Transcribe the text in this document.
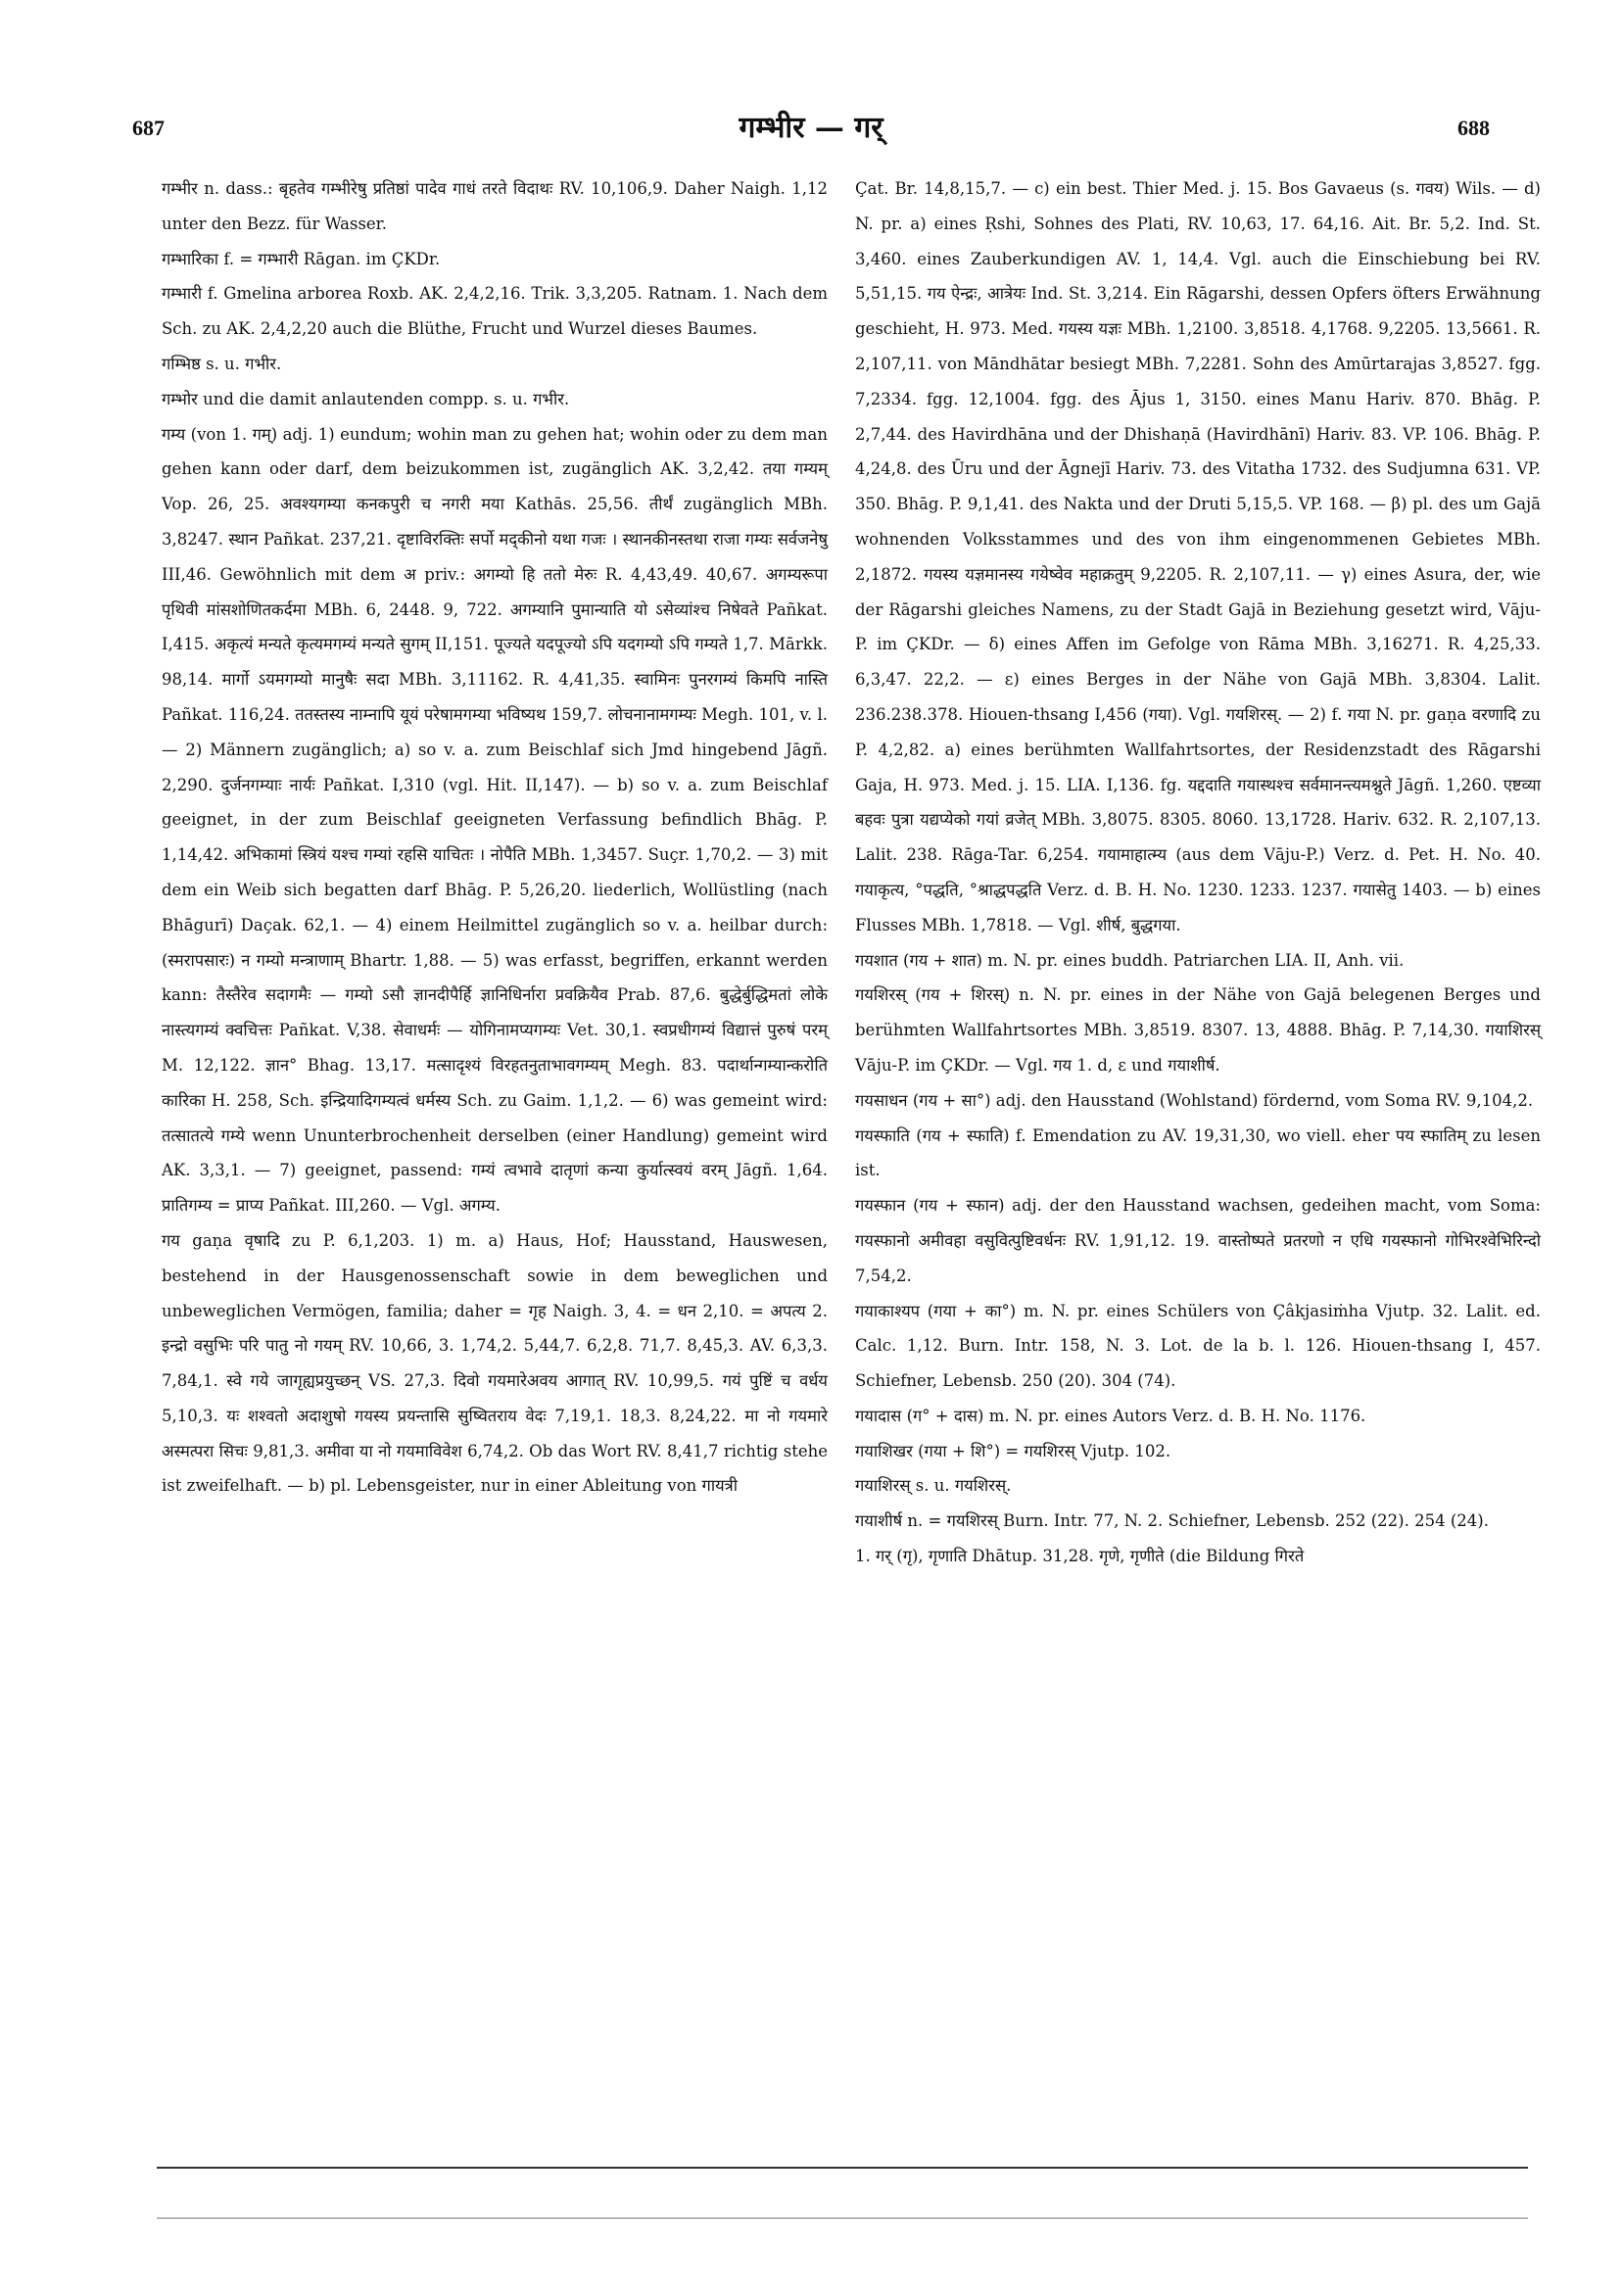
687	गम्भीर — गर्	688
गम्भीर n. dass.: बृहतेव गम्भीरेषु प्रतिष्ठां पादेव गाधं तरते विदाथः RV. 10,106,9. Daher Naigh. 1,12 unter den Bezz. für Wasser.
गम्भारिका f. = गम्भारी Rāgan. im ÇKDr.
गम्भारी f. Gmelina arborea Roxb. AK. 2,4,2,16. Trik. 3,3,205. Ratnam. 1. Nach dem Sch. zu AK. 2,4,2,20 auch die Blüthe, Frucht und Wurzel dieses Baumes.
गम्भिष्ठ s. u. गभीर.
गम्भोर und die damit anlautenden compp. s. u. गभीर.
गम्य (von 1. गम्) adj. 1) eundum; wohin man zu gehen hat; wohin oder zu dem man gehen kann oder darf, dem beizukommen ist, zugänglich AK. 3,2,42. तया गम्यम् Vop. 26, 25. अवश्यगम्या कनकपुरी च नगरी मया Kathās. 25,56. तीर्थं zugänglich MBh. 3,8247. स्थान Pañkat. 237,21. दृष्टाविरक्तिः सर्पो मद्कीनो यथा गजः । स्थानकीनस्तथा राजा गम्यः सर्वजनेषु III,46. Gewöhnlich mit dem अ priv.: अगम्यो हि ततो मेरुः R. 4,43,49. 40,67. अगम्यरूपा पृथिवी मांसशोणितकर्दमा MBh. 6, 2448. 9, 722. अगम्यानि पुमान्याति यो ऽसेव्यांश्च निषेवते Pañkat. I,415. अकृत्यं मन्यते कृत्यमगम्यं मन्यते सुगम् II,151. पूज्यते यदपूज्यो ऽपि यदगम्यो ऽपि गम्यते 1,7. Mārkk. 98,14. मार्गो ऽयमगम्यो मानुषैः सदा MBh. 3,11162. R. 4,41,35. स्वामिनः पुनरगम्यं किमपि नास्ति Pañkat. 116,24. ततस्तस्य नाम्नापि यूयं परेषामगम्या भविष्यथ 159,7. लोचनानामगम्यः Megh. 101, v. l. — 2) Männern zugänglich; a) so v. a. zum Beischlaf sich Jmd hingebend Jāgñ. 2,290. दुर्जनगम्याः नार्यः Pañkat. I,310 (vgl. Hit. II,147). — b) so v. a. zum Beischlaf geeignet, in der zum Beischlaf geeigneten Verfassung befindlich Bhāg. P. 1,14,42. अभिकामां स्त्रियं यश्च गम्यां रहसि याचितः । नोपैति MBh. 1,3457. Suçr. 1,70,2. — 3) mit dem ein Weib sich begatten darf Bhāg. P. 5,26,20. liederlich, Wollüstling (nach Bhāgurī) Daçak. 62,1. — 4) einem Heilmittel zugänglich so v. a. heilbar durch: (स्मरापसारः) न गम्यो मन्त्राणाम् Bhartr. 1,88. — 5) was erfasst, begriffen, erkannt werden kann: तैस्तैरेव सदागमैः — गम्यो ऽसौ ज्ञानदीपैर्हि ज्ञानिधिर्नारा प्रवक्रियैव Prab. 87,6. बुद्धेर्बुद्धिमतां लोके नास्त्यगम्यं क्वचित्तः Pañkat. V,38. सेवाधर्मः — योगिनामप्यगम्यः Vet. 30,1. स्वप्रधीगम्यं विद्यात्तं पुरुषं परम् M. 12,122. ज्ञान° Bhag. 13,17. मत्सादृश्यं विरहतनुताभावगम्यम् Megh. 83. पदार्थान्गम्यान्करोति कारिका H. 258, Sch. इन्द्रियादिगम्यत्वं धर्मस्य Sch. zu Gaim. 1,1,2. — 6) was gemeint wird: तत्सातत्ये गम्ये wenn Ununterbrochenheit derselben (einer Handlung) gemeint wird AK. 3,3,1. — 7) geeignet, passend: गम्यं त्वभावे दातृणां कन्या कुर्यात्स्वयं वरम् Jāgñ. 1,64. प्रातिगम्य = प्राप्य Pañkat. III,260. — Vgl. अगम्य.
गय gaṇa वृषादि zu P. 6,1,203. 1) m. a) Haus, Hof; Hausstand, Hauswesen, bestehend in der Hausgenossenschaft sowie in dem beweglichen und unbeweglichen Vermögen, familia; daher = गृह Naigh. 3, 4. = धन 2,10. = अपत्य 2. इन्द्रो वसुभिः परि पातु नो गयम् RV. 10,66, 3. 1,74,2. 5,44,7. 6,2,8. 71,7. 8,45,3. AV. 6,3,3. 7,84,1. स्वे गये जागृह्यप्रयुच्छन् VS. 27,3. दिवो गयमारेअवय आगात् RV. 10,99,5. गयं पुष्टिं च वर्धय 5,10,3. यः शश्वतो अदाशुषो गयस्य प्रयन्तासि सुष्वितराय वेदः 7,19,1. 18,3. 8,24,22. मा नो गयमारे अस्मत्परा सिचः 9,81,3. अमीवा या नो गयमाविवेश 6,74,2. Ob das Wort RV. 8,41,7 richtig stehe ist zweifelhaft. — b) pl. Lebensgeister, nur in einer Ableitung von गायत्री
Çat. Br. 14,8,15,7. — c) ein best. Thier Med. j. 15. Bos Gavaeus (s. गवय) Wils. — d) N. pr. a) eines Ṛshi, Sohnes des Plati, RV. 10,63, 17. 64,16. Ait. Br. 5,2. Ind. St. 3,460. eines Zauberkundigen AV. 1, 14,4. Vgl. auch die Einschiebung bei RV. 5,51,15. गय ऐन्द्रः, आत्रेयः Ind. St. 3,214. Ein Rāgarshi, dessen Opfers öfters Erwähnung geschieht, H. 973. Med. गयस्य यज्ञः MBh. 1,2100. 3,8518. 4,1768. 9,2205. 13,5661. R. 2,107,11. von Māndhātar besiegt MBh. 7,2281. Sohn des Amūrtarajas 3,8527. fgg. 7,2334. fgg. 12,1004. fgg. des Ājus 1, 3150. eines Manu Hariv. 870. Bhāg. P. 2,7,44. des Havirdhāna und der Dhishaṇā (Havirdhānī) Hariv. 83. VP. 106. Bhāg. P. 4,24,8. des Ūru und der Āgnejī Hariv. 73. des Vitatha 1732. des Sudjumna 631. VP. 350. Bhāg. P. 9,1,41. des Nakta und der Druti 5,15,5. VP. 168. — β) pl. des um Gajā wohnenden Volksstammes und des von ihm eingenommenen Gebietes MBh. 2,1872. गयस्य यज्ञमानस्य गयेष्वेव महाक्रतुम् 9,2205. R. 2,107,11. — γ) eines Asura, der, wie der Rāgarshi gleiches Namens, zu der Stadt Gajā in Beziehung gesetzt wird, Vāju-P. im ÇKDr. — δ) eines Affen im Gefolge von Rāma MBh. 3,16271. R. 4,25,33. 6,3,47. 22,2. — ε) eines Berges in der Nähe von Gajā MBh. 3,8304. Lalit. 236.238.378. Hiouen-thsang I,456 (गया). Vgl. गयशिरस्. — 2) f. गया N. pr. gaṇa वरणादि zu P. 4,2,82. a) eines berühmten Wallfahrtsortes, der Residenzstadt des Rāgarshi Gaja, H. 973. Med. j. 15. LIA. I,136. fg. यद्ददाति गयास्थश्च सर्वमानन्त्यमश्नुते Jāgñ. 1,260. एष्टव्या बहवः पुत्रा यद्यप्येको गयां व्रजेत् MBh. 3,8075. 8305. 8060. 13,1728. Hariv. 632. R. 2,107,13. Lalit. 238. Rāga-Tar. 6,254. गयामाहात्म्य (aus dem Vāju-P.) Verz. d. Pet. H. No. 40. गयाकृत्य, °पद्धति, °श्राद्धपद्धति Verz. d. B. H. No. 1230. 1233. 1237. गयासेतु 1403. — b) eines Flusses MBh. 1,7818. — Vgl. शीर्ष, बुद्धगया.
गयशात (गय + शात) m. N. pr. eines buddh. Patriarchen LIA. II, Anh. vii.
गयशिरस् (गय + शिरस्) n. N. pr. eines in der Nähe von Gajā belegenen Berges und berühmten Wallfahrtsortes MBh. 3,8519. 8307. 13, 4888. Bhāg. P. 7,14,30. गयाशिरस् Vāju-P. im ÇKDr. — Vgl. गय 1. d, ε und गयाशीर्ष.
गयसाधन (गय + सा°) adj. den Hausstand (Wohlstand) fördernd, vom Soma RV. 9,104,2.
गयस्फाति (गय + स्फाति) f. Emendation zu AV. 19,31,30, wo viell. eher पय स्फातिम् zu lesen ist.
गयस्फान (गय + स्फान) adj. der den Hausstand wachsen, gedeihen macht, vom Soma: गयस्फानो अमीवहा वसुवित्पुष्टिवर्धनः RV. 1,91,12. 19. वास्तोष्पते प्रतरणो न एधि गयस्फानो गोभिरश्वेभिरिन्दो 7,54,2.
गयाकाश्यप (गया + का°) m. N. pr. eines Schülers von Çâkjasiṁha Vjutp. 32. Lalit. ed. Calc. 1,12. Burn. Intr. 158, N. 3. Lot. de la b. l. 126. Hiouen-thsang I, 457. Schiefner, Lebensb. 250 (20). 304 (74).
गयादास (ग° + दास) m. N. pr. eines Autors Verz. d. B. H. No. 1176.
गयाशिखर (गया + शि°) = गयशिरस् Vjutp. 102.
गयाशिरस् s. u. गयशिरस्.
गयाशीर्ष n. = गयशिरस् Burn. Intr. 77, N. 2. Schiefner, Lebensb. 252 (22). 254 (24).
1. गर् (गृ), गृणाति Dhātup. 31,28. गृणे, गृणीते (die Bildung गिरते
